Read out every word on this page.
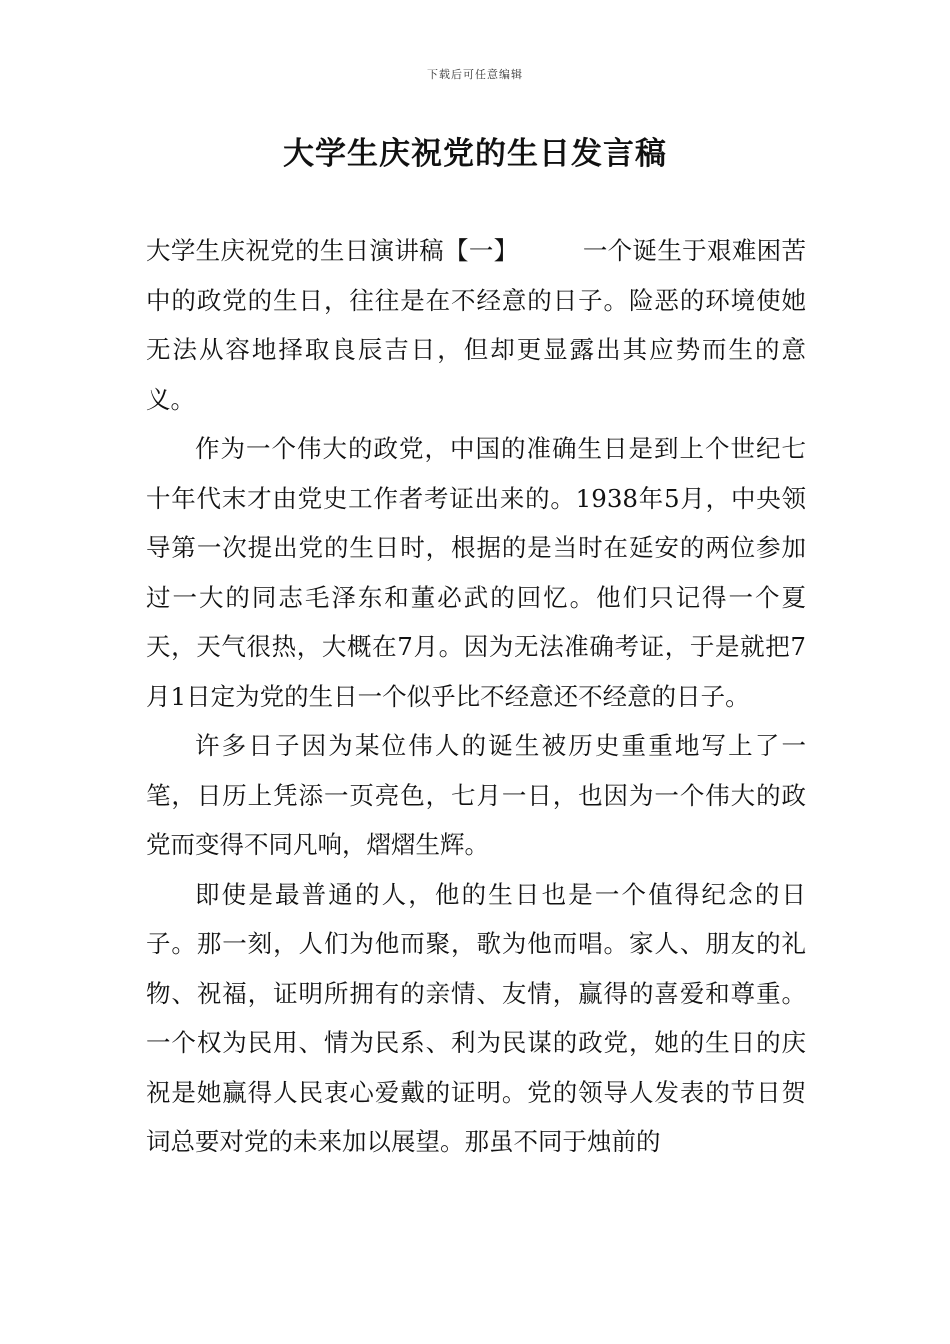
下载后可任意编辑
大学生庆祝党的生日发言稿

大学生庆祝党的生日演讲稿【一】	一个诞生于艰难困苦中的政党的生日，往往是在不经意的日子。险恶的环境使她无法从容地择取良辰吉日，但却更显露出其应势而生的意义。

作为一个伟大的政党，中国的准确生日是到上个世纪七十年代末才由党史工作者考证出来的。1938年5月，中央领导第一次提出党的生日时，根据的是当时在延安的两位参加过一大的同志毛泽东和董必武的回忆。他们只记得一个夏天，天气很热，大概在7月。因为无法准确考证，于是就把7月1日定为党的生日一个似乎比不经意还不经意的日子。

许多日子因为某位伟人的诞生被历史重重地写上了一笔，日历上凭添一页亮色，七月一日，也因为一个伟大的政党而变得不同凡响，熠熠生辉。

即使是最普通的人，他的生日也是一个值得纪念的日子。那一刻，人们为他而聚，歌为他而唱。家人、朋友的礼物、祝福，证明所拥有的亲情、友情，赢得的喜爱和尊重。一个权为民用、情为民系、利为民谋的政党，她的生日的庆祝是她赢得人民衷心爱戴的证明。党的领导人发表的节日贺词总要对党的未来加以展望。那虽不同于烛前的
